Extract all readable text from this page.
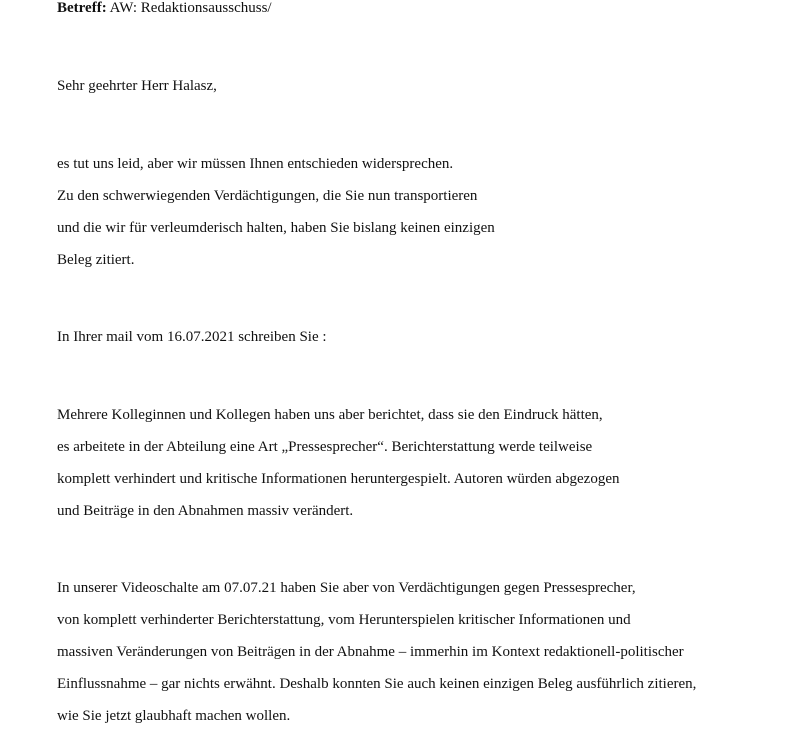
Betreff: AW: Redaktionsausschuss/
Sehr geehrter Herr Halasz,
es tut uns leid, aber wir müssen Ihnen entschieden widersprechen.
Zu den schwerwiegenden Verdächtigungen, die Sie nun transportieren
und die wir für verleumderisch halten, haben Sie bislang keinen einzigen
Beleg zitiert.
In Ihrer mail vom 16.07.2021 schreiben Sie :
Mehrere Kolleginnen und Kollegen haben uns aber berichtet, dass sie den Eindruck hätten,
es arbeitete in der Abteilung eine Art „Pressesprecher“. Berichterstattung werde teilweise
komplett verhindert und kritische Informationen heruntergespielt. Autoren würden abgezogen
und Beiträge in den Abnahmen massiv verändert.
In unserer Videoschalte am 07.07.21 haben Sie aber von Verdächtigungen gegen Pressesprecher,
von komplett verhinderter Berichterstattung, vom Herunterspielen kritischer Informationen und
massiven Veränderungen von Beiträgen in der Abnahme – immerhin im Kontext redaktionell-politischer
Einflussnahme – gar nichts erwähnt. Deshalb konnten Sie auch keinen einzigen Beleg ausführlich zitieren,
wie Sie jetzt glaubhaft machen wollen.
